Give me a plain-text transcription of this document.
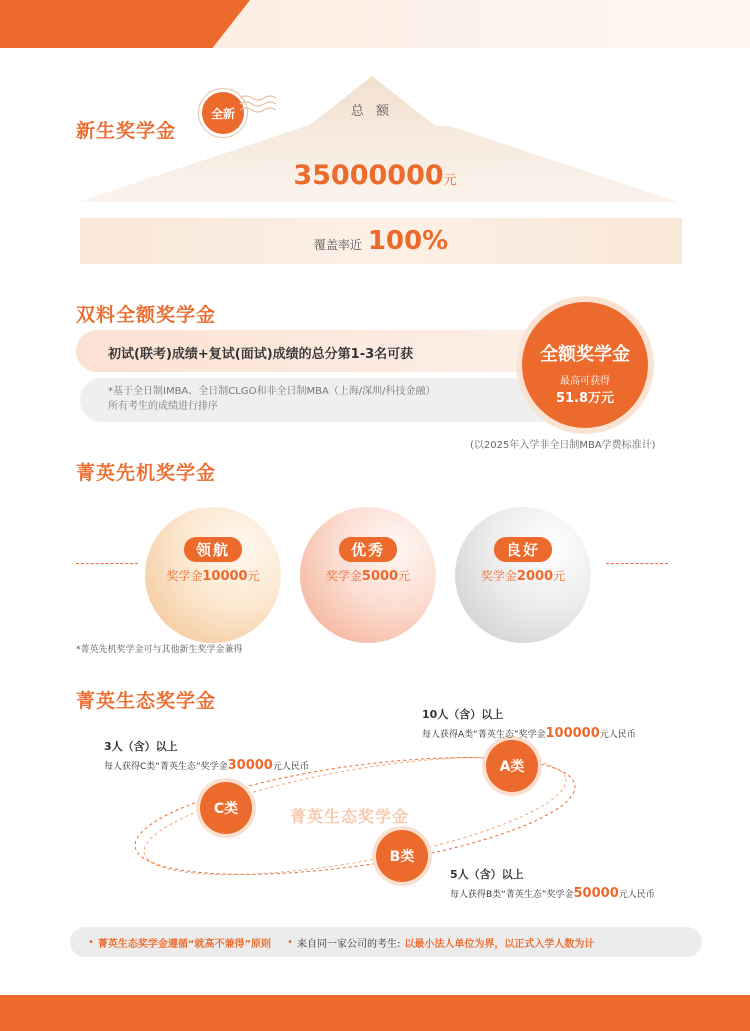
新生奖学金
全新	总 额
35000000元
覆盖率近 100%
双料全额奖学金
初试(联考)成绩+复试(面试)成绩的总分第1-3名可获
*基于全日制IMBA、全日制CLGO和非全日制MBA（上海/深圳/科技金融）
所有考生的成绩进行排序
全额奖学金
最高可获得
51.8万元
(以2025年入学非全日制MBA学费标准计)
菁英先机奖学金
领航
奖学金10000元
优秀
奖学金5000元
良好
奖学金2000元
*菁英先机奖学金可与其他新生奖学金兼得
菁英生态奖学金
菁英生态奖学金
A类
C类
B类
10人（含）以上
每人获得A类“菁英生态”奖学金100000元人民币
3人（含）以上
每人获得C类“菁英生态”奖学金30000元人民币
5人（含）以上
每人获得B类“菁英生态”奖学金50000元人民币
• 菁英生态奖学金遵循“就高不兼得”原则 • 来自同一家公司的考生: 以最小法人单位为界，以正式入学人数为计
